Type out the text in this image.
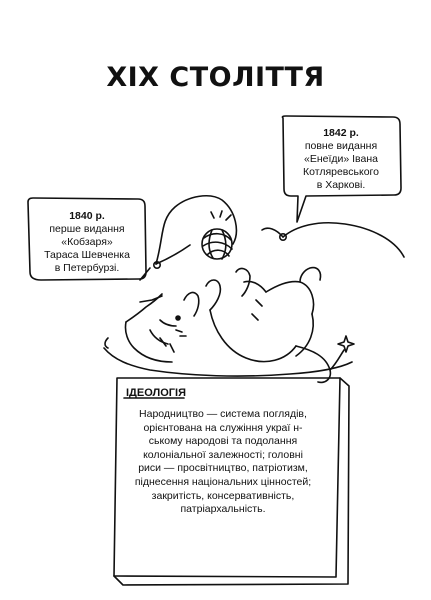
XIX СТОЛІТТЯ
1842 р.
повне видання
«Енеїди» Івана
Котляревського
в Харкові.
1840 р.
перше видання
«Кобзаря»
Тараса Шевченка
в Петербурзі.
ІДЕОЛОГІЯ
Народництво — система поглядів,
орієнтована на служіння украї н-
ському народові та подолання
колоніальної залежності; головні
риси — просвітництво, патріотизм,
піднесення національних цінностей;
закритість, консервативність,
патріархальність.
